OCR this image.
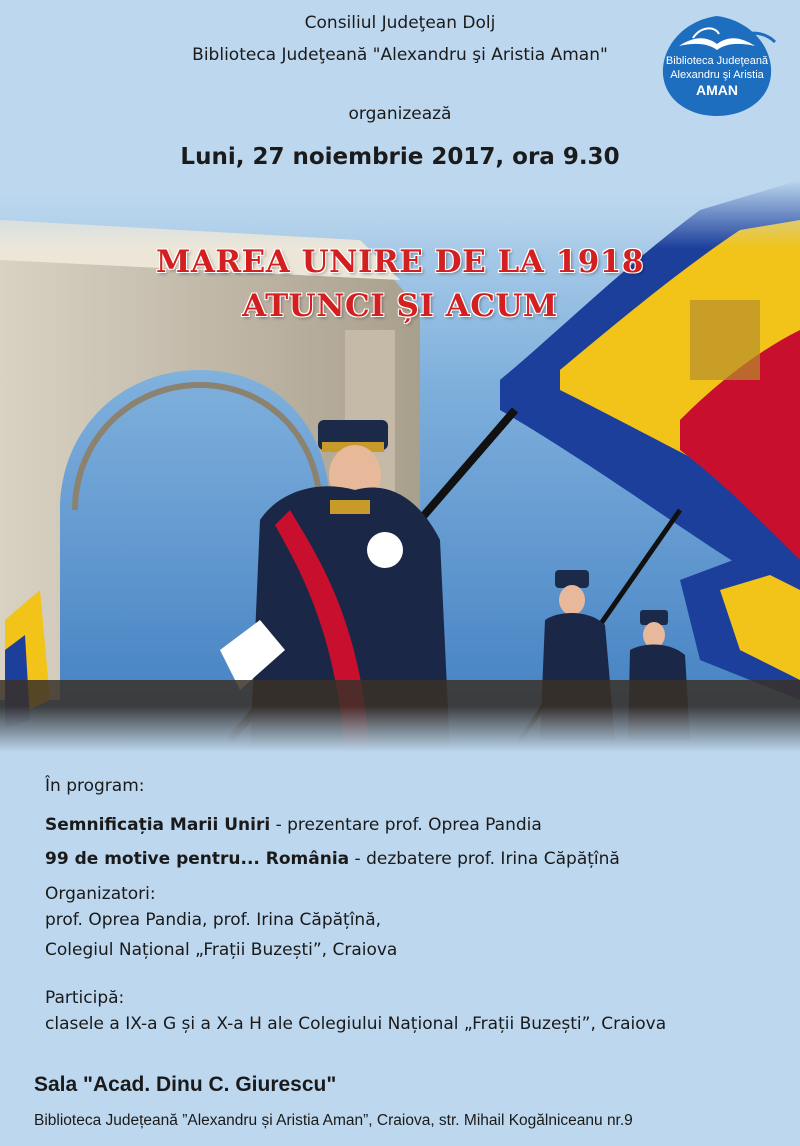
Consiliul Judeţean Dolj
Biblioteca Judeţeană "Alexandru şi Aristia Aman"
organizează
Luni, 27 noiembrie 2017, ora 9.30
Biblioteca Judeţeană
Alexandru şi Aristia
AMAN
MAREA UNIRE DE LA 1918
ATUNCI ȘI ACUM
În program:
Semnificația Marii Uniri - prezentare prof. Oprea Pandia
99 de motive pentru... România - dezbatere prof. Irina Căpățînă
Organizatori:
prof. Oprea Pandia, prof. Irina Căpățînă,
Colegiul Național „Frații Buzești”, Craiova
Participă:
clasele a IX-a G și a X-a H ale Colegiului Național „Frații Buzești”, Craiova
Sala "Acad. Dinu C. Giurescu"
Biblioteca Județeană ”Alexandru și Aristia Aman”, Craiova, str. Mihail Kogălniceanu nr.9
